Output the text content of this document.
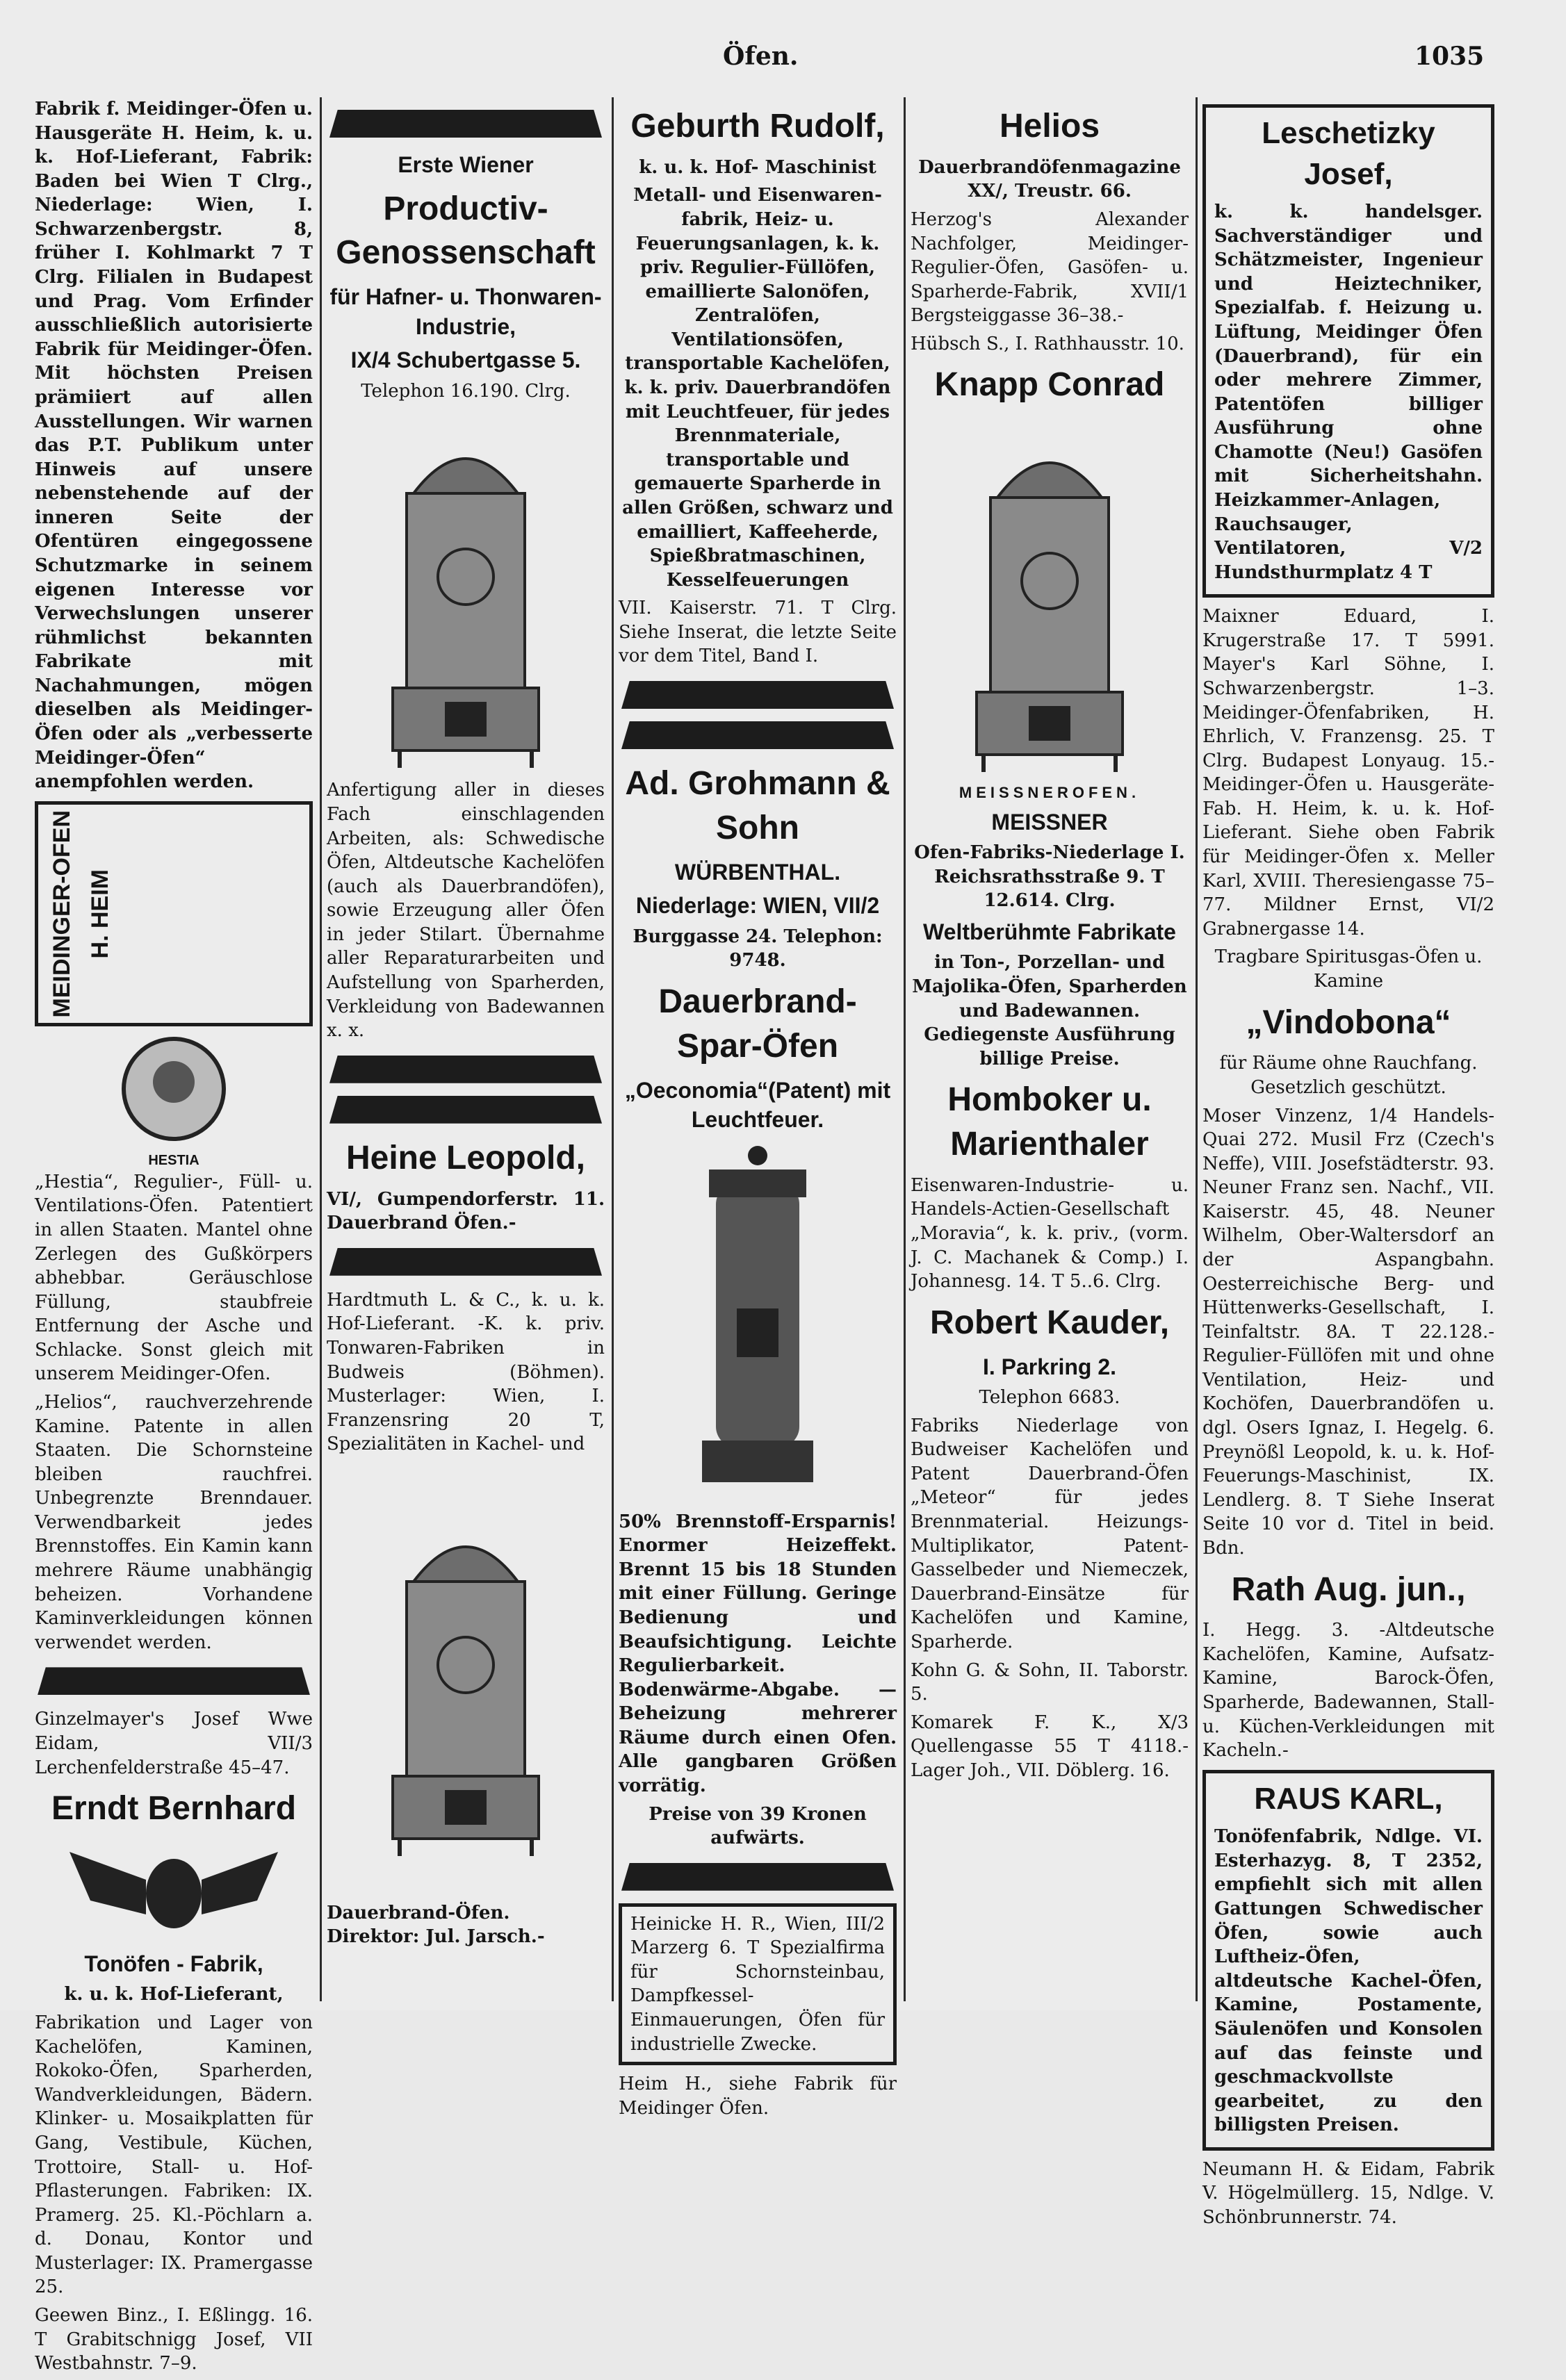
Öfen.	1035

Fabrik f. Meidinger-Öfen u. Hausgeräte H. Heim, k. u. k. Hof-Lieferant, Fabrik: Baden bei Wien T Clrg., Niederlage: Wien, I. Schwarzenbergstr. 8, früher I. Kohlmarkt 7 T Clrg. Filialen in Budapest und Prag. Vom Erfinder ausschließlich autorisierte Fabrik für Meidinger-Öfen. Mit höchsten Preisen prämiiert auf allen Ausstellungen. Wir warnen das P.T. Publikum unter Hinweis auf unsere nebenstehende auf der inneren Seite der Ofentüren eingegossene Schutzmarke in seinem eigenen Interesse vor Verwechslungen unserer rühmlichst bekannten Fabrikate mit Nachahmungen, mögen dieselben als Meidinger-Öfen oder als „verbesserte Meidinger-Öfen“ anempfohlen werden.

MEIDINGER-OFEN H. HEIM
HESTIA

„Hestia“, Regulier-, Füll- u. Ventilations-Öfen. Patentiert in allen Staaten. Mantel ohne Zerlegen des Gußkörpers abhebbar. Geräuschlose Füllung, staubfreie Entfernung der Asche und Schlacke. Sonst gleich mit unserem Meidinger-Ofen.

„Helios“, rauchverzehrende Kamine. Patente in allen Staaten. Die Schornsteine bleiben rauchfrei. Unbegrenzte Brenndauer. Verwendbarkeit jedes Brennstoffes. Ein Kamin kann mehrere Räume unabhängig beheizen. Vorhandene Kaminverkleidungen können verwendet werden.

Ginzelmayer's Josef Wwe Eidam, VII/3 Lerchenfelderstraße 45–47.

Erndt Bernhard
Tonöfen - Fabrik,

k. u. k. Hof-Lieferant,

Fabrikation und Lager von Kachelöfen, Kaminen, Rokoko-Öfen, Sparherden, Wandverkleidungen, Bädern. Klinker- u. Mosaikplatten für Gang, Vestibule, Küchen, Trottoire, Stall- u. Hof-Pflasterungen. Fabriken: IX. Pramerg. 25. Kl.-Pöchlarn a. d. Donau, Kontor und Musterlager: IX. Pramergasse 25.

Geewen Binz., I. Eßlingg. 16. T Grabitschnigg Josef, VII Westbahnstr. 7–9.

Erste Wiener
Productiv-Genossenschaft
für Hafner- u. Thonwaren-Industrie,
IX/4 Schubertgasse 5.

Telephon 16.190. Clrg.

Anfertigung aller in dieses Fach einschlagenden Arbeiten, als: Schwedische Öfen, Altdeutsche Kachelöfen (auch als Dauerbrandöfen), sowie Erzeugung aller Öfen in jeder Stilart. Übernahme aller Reparaturarbeiten und Aufstellung von Sparherden, Verkleidung von Badewannen x. x.

Heine Leopold,

VI/, Gumpendorferstr. 11. Dauerbrand Öfen.-

Hardtmuth L. & C., k. u. k. Hof-Lieferant. -K. k. priv. Tonwaren-Fabriken in Budweis (Böhmen). Musterlager: Wien, I. Franzensring 20 T, Spezialitäten in Kachel- und

Dauerbrand-Öfen. Direktor: Jul. Jarsch.-

Geburth Rudolf,

k. u. k. Hof- Maschinist

Metall- und Eisenwaren-fabrik, Heiz- u. Feuerungsanlagen, k. k. priv. Regulier-Füllöfen, emaillierte Salonöfen, Zentralöfen, Ventilationsöfen, transportable Kachelöfen, k. k. priv. Dauerbrandöfen mit Leuchtfeuer, für jedes Brennmateriale, transportable und gemauerte Sparherde in allen Größen, schwarz und emailliert, Kaffeeherde, Spießbratmaschinen, Kesselfeuerungen

VII. Kaiserstr. 71. T Clrg. Siehe Inserat, die letzte Seite vor dem Titel, Band I.

Ad. Grohmann & Sohn
WÜRBENTHAL.
Niederlage: WIEN, VII/2

Burggasse 24. Telephon: 9748.

Dauerbrand-Spar-Öfen
„Oeconomia“(Patent) mit Leuchtfeuer.

50% Brennstoff-Ersparnis! Enormer Heizeffekt. Brennt 15 bis 18 Stunden mit einer Füllung. Geringe Bedienung und Beaufsichtigung. Leichte Regulierbarkeit. Bodenwärme-Abgabe. — Beheizung mehrerer Räume durch einen Ofen. Alle gangbaren Größen vorrätig.

Preise von 39 Kronen aufwärts.

Heinicke H. R., Wien, III/2 Marzerg 6. T Spezialfirma für Schornsteinbau, Dampfkessel-Einmauerungen, Öfen für industrielle Zwecke.

Heim H., siehe Fabrik für Meidinger Öfen.

Helios

Dauerbrandöfenmagazine XX/, Treustr. 66.

Herzog's Alexander Nachfolger, Meidinger-Regulier-Öfen, Gasöfen- u. Sparherde-Fabrik, XVII/1 Bergsteiggasse 36–38.-

Hübsch S., I. Rathhausstr. 10.

Knapp Conrad
MEISSNEROFEN.
MEISSNER

Ofen-Fabriks-Niederlage I. Reichsrathsstraße 9. T 12.614. Clrg.

Weltberühmte Fabrikate

in Ton-, Porzellan- und Majolika-Öfen, Sparherden und Badewannen. Gediegenste Ausführung billige Preise.

Homboker u. Marienthaler

Eisenwaren-Industrie- u. Handels-Actien-Gesellschaft „Moravia“, k. k. priv., (vorm. J. C. Machanek & Comp.) I. Johannesg. 14. T 5..6. Clrg.

Robert Kauder,
I. Parkring 2.

Telephon 6683.

Fabriks Niederlage von Budweiser Kachelöfen und Patent Dauerbrand-Öfen „Meteor“ für jedes Brennmaterial. Heizungs-Multiplikator, Patent-Gasselbeder und Niemeczek, Dauerbrand-Einsätze für Kachelöfen und Kamine, Sparherde.

Kohn G. & Sohn, II. Taborstr. 5.

Komarek F. K., X/3 Quellengasse 55 T 4118.- Lager Joh., VII. Döblerg. 16.

Leschetizky Josef,

k. k. handelsger. Sachverständiger und Schätzmeister, Ingenieur und Heiztechniker, Spezialfab. f. Heizung u. Lüftung, Meidinger Öfen (Dauerbrand), für ein oder mehrere Zimmer, Patentöfen billiger Ausführung ohne Chamotte (Neu!) Gasöfen mit Sicherheitshahn. Heizkammer-Anlagen, Rauchsauger, Ventilatoren, V/2 Hundsthurmplatz 4 T

Maixner Eduard, I. Krugerstraße 17. T 5991. Mayer's Karl Söhne, I. Schwarzenbergstr. 1–3. Meidinger-Öfenfabriken, H. Ehrlich, V. Franzensg. 25. T Clrg. Budapest Lonyaug. 15.- Meidinger-Öfen u. Hausgeräte-Fab. H. Heim, k. u. k. Hof-Lieferant. Siehe oben Fabrik für Meidinger-Öfen x. Meller Karl, XVIII. Theresiengasse 75–77. Mildner Ernst, VI/2 Grabnergasse 14.

Tragbare Spiritusgas-Öfen u. Kamine

„Vindobona“

für Räume ohne Rauchfang. Gesetzlich geschützt.

Moser Vinzenz, 1/4 Handels-Quai 272. Musil Frz (Czech's Neffe), VIII. Josefstädterstr. 93. Neuner Franz sen. Nachf., VII. Kaiserstr. 45, 48. Neuner Wilhelm, Ober-Waltersdorf an der Aspangbahn. Oesterreichische Berg- und Hüttenwerks-Gesellschaft, I. Teinfaltstr. 8A. T 22.128.- Regulier-Füllöfen mit und ohne Ventilation, Heiz- und Kochöfen, Dauerbrandöfen u. dgl. Osers Ignaz, I. Hegelg. 6. Preynößl Leopold, k. u. k. Hof-Feuerungs-Maschinist, IX. Lendlerg. 8. T Siehe Inserat Seite 10 vor d. Titel in beid. Bdn.

Rath Aug. jun.,

I. Hegg. 3. -Altdeutsche Kachelöfen, Kamine, Aufsatz-Kamine, Barock-Öfen, Sparherde, Badewannen, Stall- u. Küchen-Verkleidungen mit Kacheln.-

RAUS KARL,

Tonöfenfabrik, Ndlge. VI. Esterhazyg. 8, T 2352, empfiehlt sich mit allen Gattungen Schwedischer Öfen, sowie auch Luftheiz-Öfen, altdeutsche Kachel-Öfen, Kamine, Postamente, Säulenöfen und Konsolen auf das feinste und geschmackvollste gearbeitet, zu den billigsten Preisen.

Neumann H. & Eidam, Fabrik V. Högelmüllerg. 15, Ndlge. V. Schönbrunnerstr. 74.
